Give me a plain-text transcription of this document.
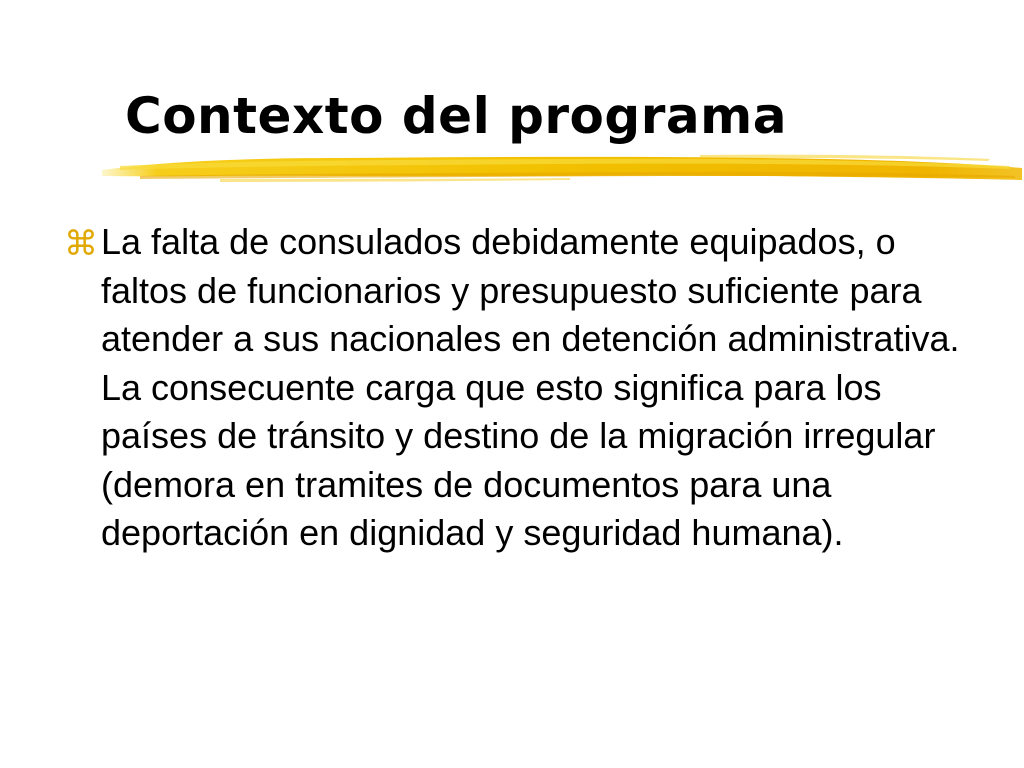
Contexto del programa
⌘ La falta de consulados debidamente equipados, o faltos de funcionarios y presupuesto suficiente para atender a sus nacionales en detención administrativa. La consecuente carga que esto significa para los países de tránsito y destino de la migración irregular (demora en tramites de documentos para una deportación en dignidad y seguridad humana).
